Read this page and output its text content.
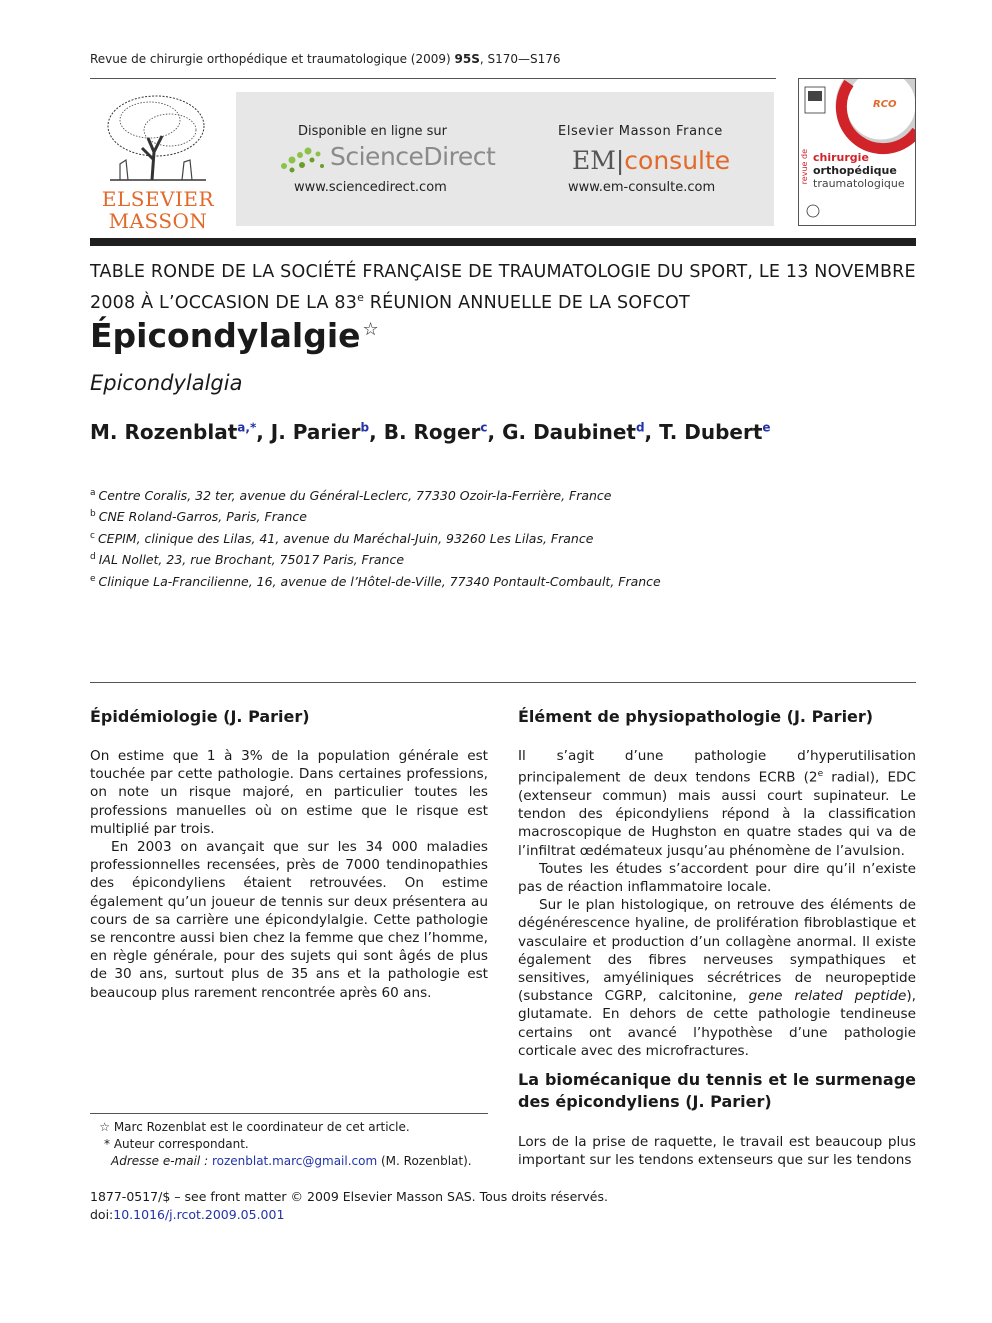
Revue de chirurgie orthopédique et traumatologique (2009) 95S, S170—S176
ELSEVIER MASSON
Disponible en ligne sur
ScienceDirect
www.sciencedirect.com
Elsevier Masson France
EM|consulte
www.em-consulte.com
RCO
revue de chirurgie
orthopédique
traumatologique
TABLE RONDE DE LA SOCIÉTÉ FRANÇAISE DE TRAUMATOLOGIE DU SPORT, LE 13 NOVEMBRE
2008 À L’OCCASION DE LA 83e RÉUNION ANNUELLE DE LA SOFCOT
Épicondylalgie ☆
Epicondylalgia
M. Rozenblat$^{a,*}$, J. Parier$^b$, B. Roger$^c$, G. Daubinet$^d$, T. Dubert$^e$
$^a$ Centre Coralis, 32 ter, avenue du Général-Leclerc, 77330 Ozoir-la-Ferrière, France
$^b$ CNE Roland-Garros, Paris, France
$^c$ CEPIM, clinique des Lilas, 41, avenue du Maréchal-Juin, 93260 Les Lilas, France
$^d$ IAL Nollet, 23, rue Brochant, 75017 Paris, France
$^e$ Clinique La-Francilienne, 16, avenue de l’Hôtel-de-Ville, 77340 Pontault-Combault, France
Épidémiologie (J. Parier)

On estime que 1 à 3% de la population générale est touchée par cette pathologie. Dans certaines professions, on note un risque majoré, en particulier toutes les professions manuelles où on estime que le risque est multiplié par trois.

En 2003 on avançait que sur les 34 000 maladies professionnelles recensées, près de 7000 tendinopathies des épicondyliens étaient retrouvées. On estime également qu’un joueur de tennis sur deux présentera au cours de sa carrière une épicondylalgie. Cette pathologie se rencontre aussi bien chez la femme que chez l’homme, en règle générale, pour des sujets qui sont âgés de plus de 30 ans, surtout plus de 35 ans et la pathologie est beaucoup plus rarement rencontrée après 60 ans.

Élément de physiopathologie (J. Parier)

Il s’agit d’une pathologie d’hyperutilisation principalement de deux tendons ECRB (2e radial), EDC (extenseur commun) mais aussi court supinateur. Le tendon des épicondyliens répond à la classification macroscopique de Hughston en quatre stades qui va de l’infiltrat œdémateux jusqu’au phénomène de l’avulsion.

Toutes les études s’accordent pour dire qu’il n’existe pas de réaction inflammatoire locale.

Sur le plan histologique, on retrouve des éléments de dégénérescence hyaline, de prolifération fibroblastique et vasculaire et production d’un collagène anormal. Il existe également des fibres nerveuses sympathiques et sensitives, amyéliniques sécrétrices de neuropeptide (substance CGRP, calcitonine, gene related peptide), glutamate. En dehors de cette pathologie tendineuse certains ont avancé l’hypothèse d’une pathologie corticale avec des microfractures.

La biomécanique du tennis et le surmenage des épicondyliens (J. Parier)

Lors de la prise de raquette, le travail est beaucoup plus important sur les tendons extenseurs que sur les tendons

☆ Marc Rozenblat est le coordinateur de cet article.
* Auteur correspondant.
Adresse e-mail : rozenblat.marc@gmail.com (M. Rozenblat).
1877-0517/$ – see front matter © 2009 Elsevier Masson SAS. Tous droits réservés.
doi:10.1016/j.rcot.2009.05.001
